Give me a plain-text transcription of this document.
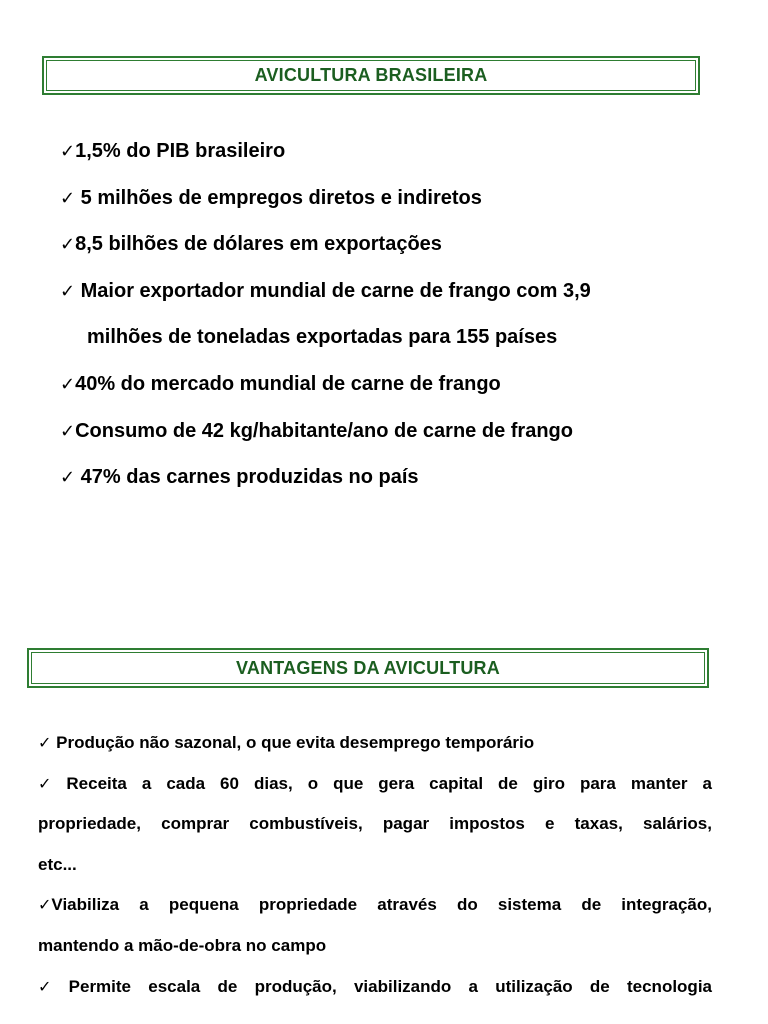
AVICULTURA BRASILEIRA
✓1,5% do PIB brasileiro
✓ 5 milhões de empregos diretos e indiretos
✓8,5 bilhões de dólares em exportações
✓ Maior exportador mundial de carne de frango com 3,9
milhões de toneladas exportadas para 155 países
✓40% do mercado mundial de carne de frango
✓Consumo de 42 kg/habitante/ano de carne de frango
✓ 47% das carnes produzidas no país
VANTAGENS DA AVICULTURA
✓ Produção não sazonal, o que evita desemprego temporário
✓ Receita a cada 60 dias, o que gera capital de giro para manter a
propriedade, comprar combustíveis, pagar impostos e taxas, salários,
etc...
✓Viabiliza a pequena propriedade através do sistema de integração,
mantendo a mão-de-obra no campo
✓ Permite escala de produção, viabilizando a utilização de tecnologia
